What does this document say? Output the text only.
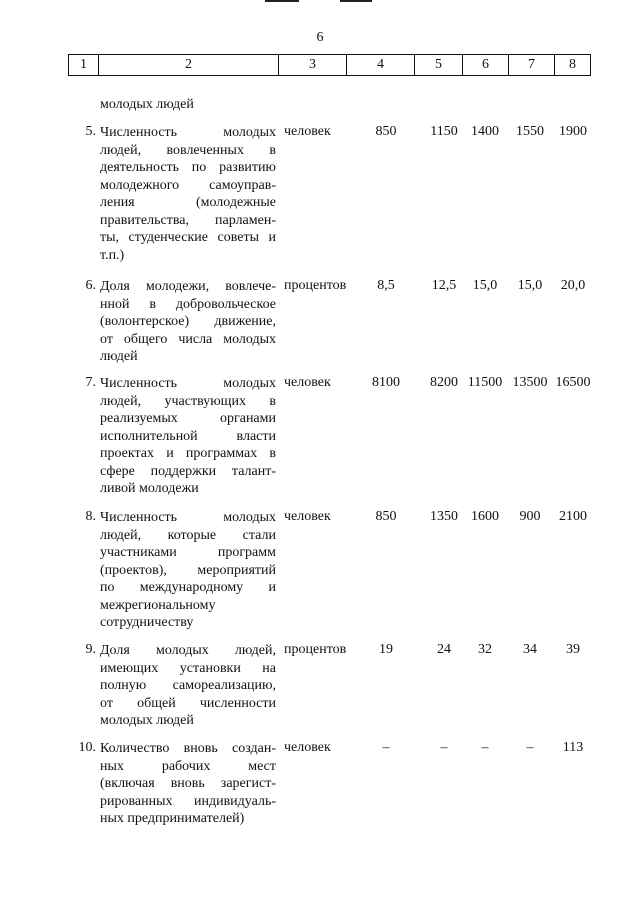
6
1	2	3	4	5	6	7	8
молодых людей
5. Численность молодых
людей, вовлеченных в
деятельность по развитию
молодежного самоуправ-
ления (молодежные
правительства, парламен-
ты, студенческие советы и
т.п.)
человек	850	1150 1400	1550	1900
6. Доля молодежи, вовлече-
нной в добровольческое
(волонтерское) движение,
от общего числа молодых
людей
процентов	8,5	12,5	15,0	15,0	20,0
7. Численность молодых
людей, участвующих в
реализуемых органами
исполнительной власти
проектах и программах в
сфере поддержки талант-
ливой молодежи
человек	8100	8200 11500 13500 16500
8. Численность молодых
людей, которые стали
участниками программ
(проектов), мероприятий
по международному и
межрегиональному
сотрудничеству
человек	850	1350 1600	900	2100
9. Доля молодых людей,
имеющих установки на
полную самореализацию,
от общей численности
молодых людей
процентов	19	24	32	34	39
10. Количество вновь создан-
ных рабочих мест
(включая вновь зарегист-
рированных индивидуаль-
ных предпринимателей)
человек	–	–	–	–	113
